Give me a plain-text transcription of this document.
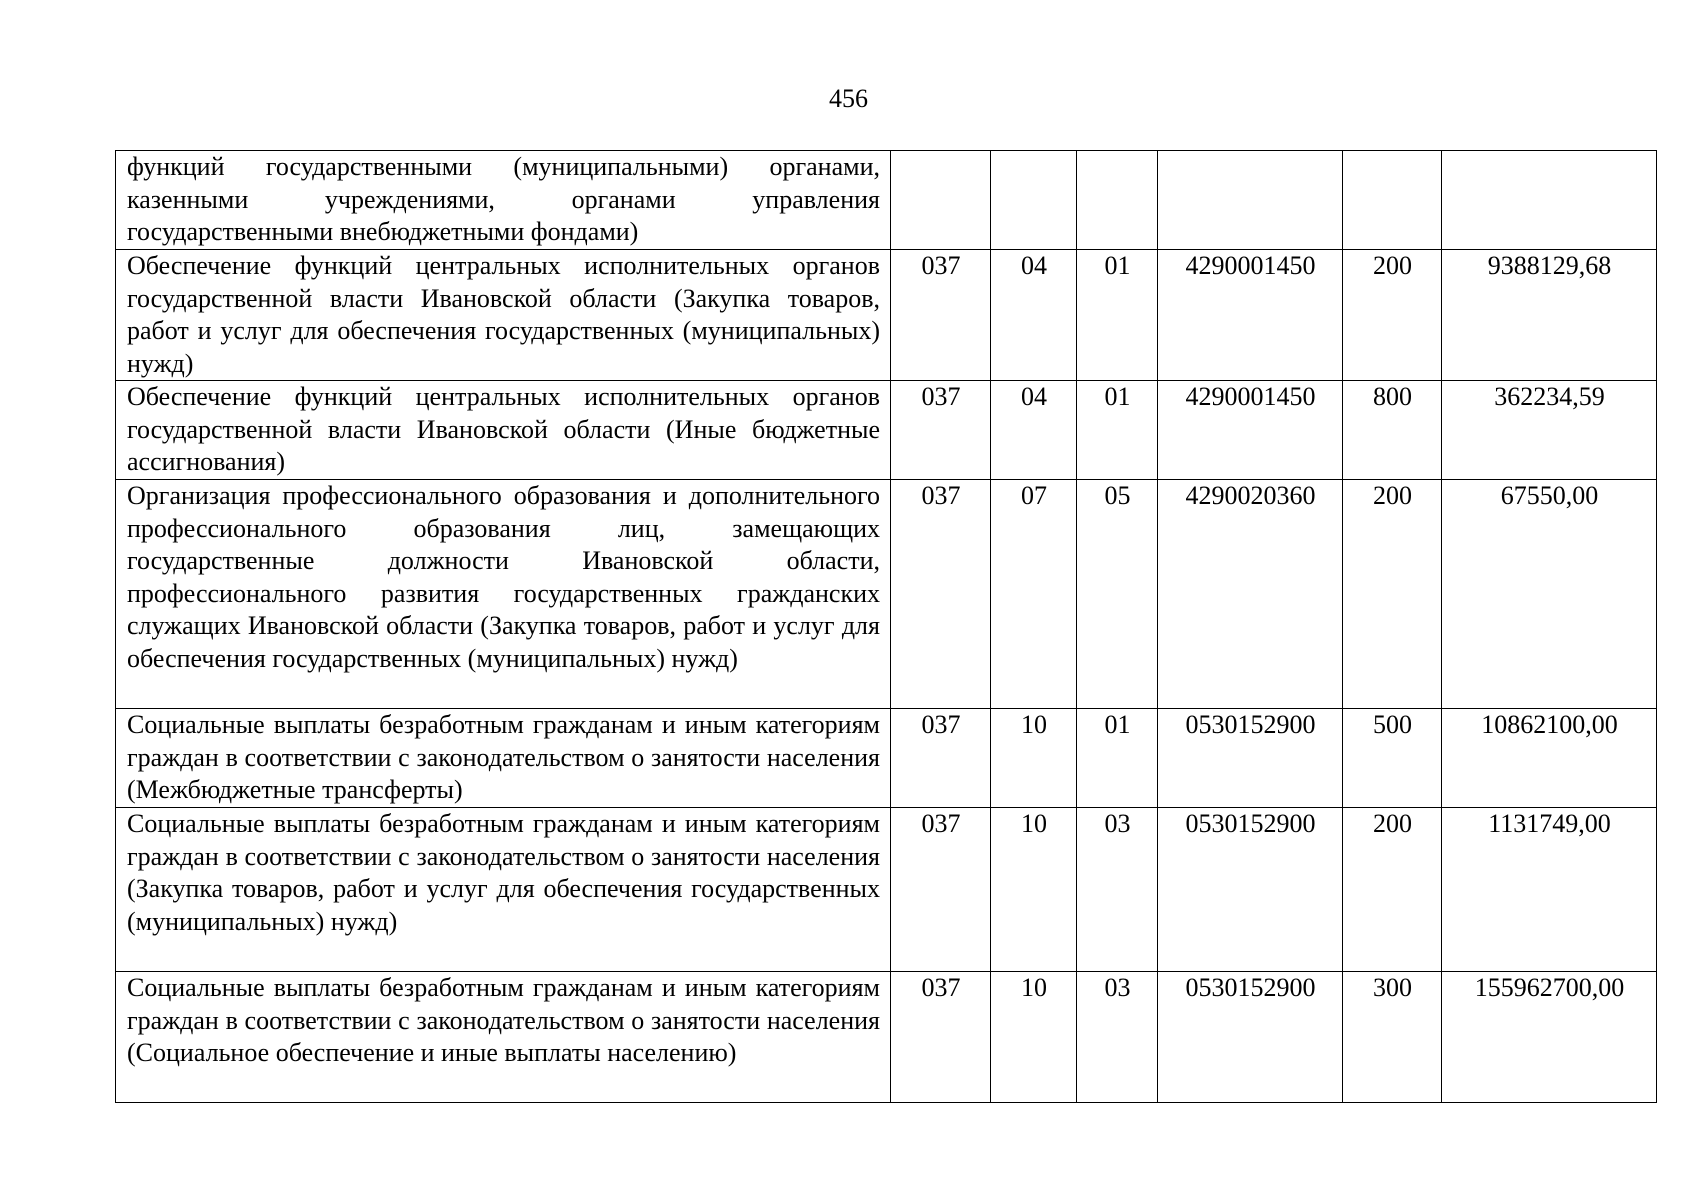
456
функций государственными (муниципальными) органами, казенными учреждениями, органами управления государственными внебюджетными фондами)						
Обеспечение функций центральных исполнительных органов государственной власти Ивановской области (Закупка товаров, работ и услуг для обеспечения государственных (муниципальных) нужд)	037	04	01	4290001450	200	9388129,68
Обеспечение функций центральных исполнительных органов государственной власти Ивановской области (Иные бюджетные ассигнования)	037	04	01	4290001450	800	362234,59
Организация профессионального образования и дополнительного профессионального образования лиц, замещающих государственные должности Ивановской области, профессионального развития государственных гражданских служащих Ивановской области (Закупка товаров, работ и услуг для обеспечения государственных (муниципальных) нужд)	037	07	05	4290020360	200	67550,00
Социальные выплаты безработным гражданам и иным категориям граждан в соответствии с законодательством о занятости населения (Межбюджетные трансферты)	037	10	01	0530152900	500	10862100,00
Социальные выплаты безработным гражданам и иным категориям граждан в соответствии с законодательством о занятости населения (Закупка товаров, работ и услуг для обеспечения государственных (муниципальных) нужд)	037	10	03	0530152900	200	1131749,00
Социальные выплаты безработным гражданам и иным категориям граждан в соответствии с законодательством о занятости населения (Социальное обеспечение и иные выплаты населению)	037	10	03	0530152900	300	155962700,00
